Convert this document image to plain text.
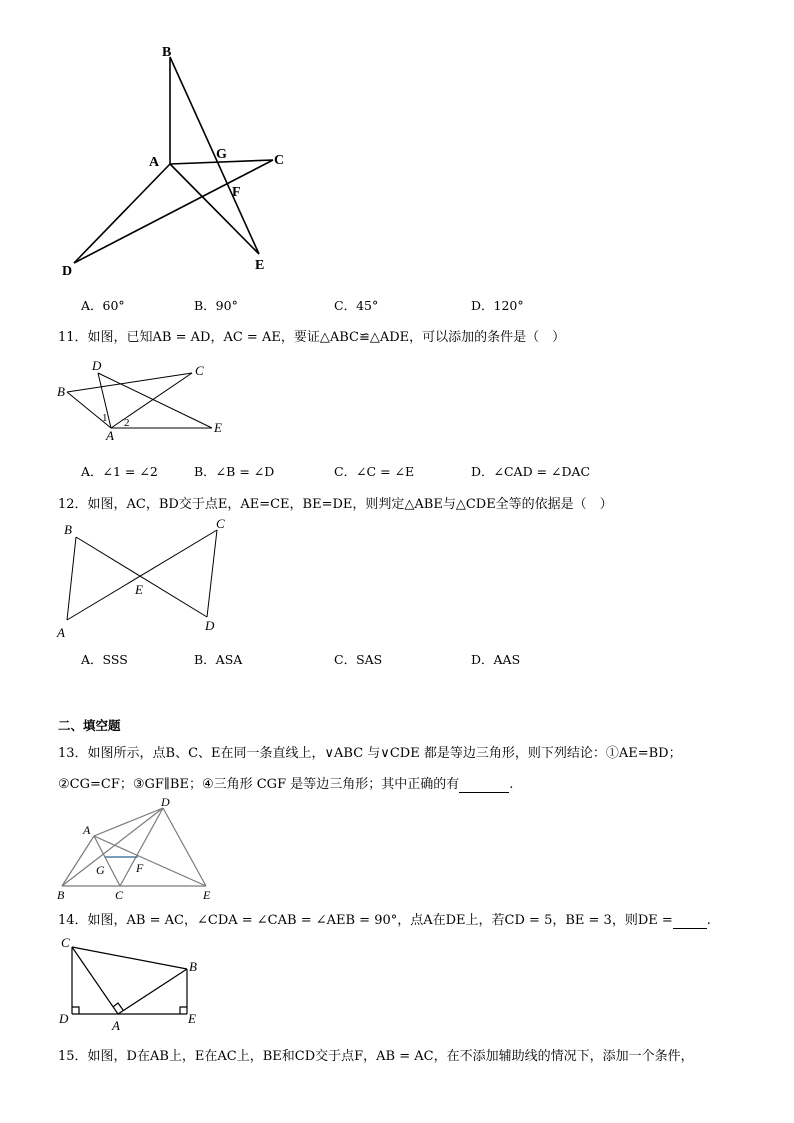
B
A
G	C
F
D	E
A．60°	B．90°	C．45°	D．120°
11．如图，已知AB = AD，AC = AE，要证△ABC≌△ADE，可以添加的条件是（　）
D	C
B
1 2
A
E
A．∠1 = ∠2	B．∠B = ∠D	C．∠C = ∠E	D．∠CAD = ∠DAC
12．如图，AC，BD交于点E，AE=CE，BE=DE，则判定△ABE与△CDE全等的依据是（　）
B	C
E
A	D
A．SSS	B．ASA	C．SAS	D．AAS
二、填空题
13．如图所示，点B、C、E在同一条直线上，∨ABC 与∨CDE 都是等边三角形，则下列结论：①AE=BD；
②CG=CF；③GF∥BE；④三角形 CGF 是等边三角形；其中正确的有	.
D
A
G	F
B	C	E
14．如图，AB = AC，∠CDA = ∠CAB = ∠AEB = 90°，点A在DE上，若CD = 5，BE = 3，则DE =	.
C
B
D	A	E
15．如图，D在AB上，E在AC上，BE和CD交于点F，AB = AC，在不添加辅助线的情况下，添加一个条件，
